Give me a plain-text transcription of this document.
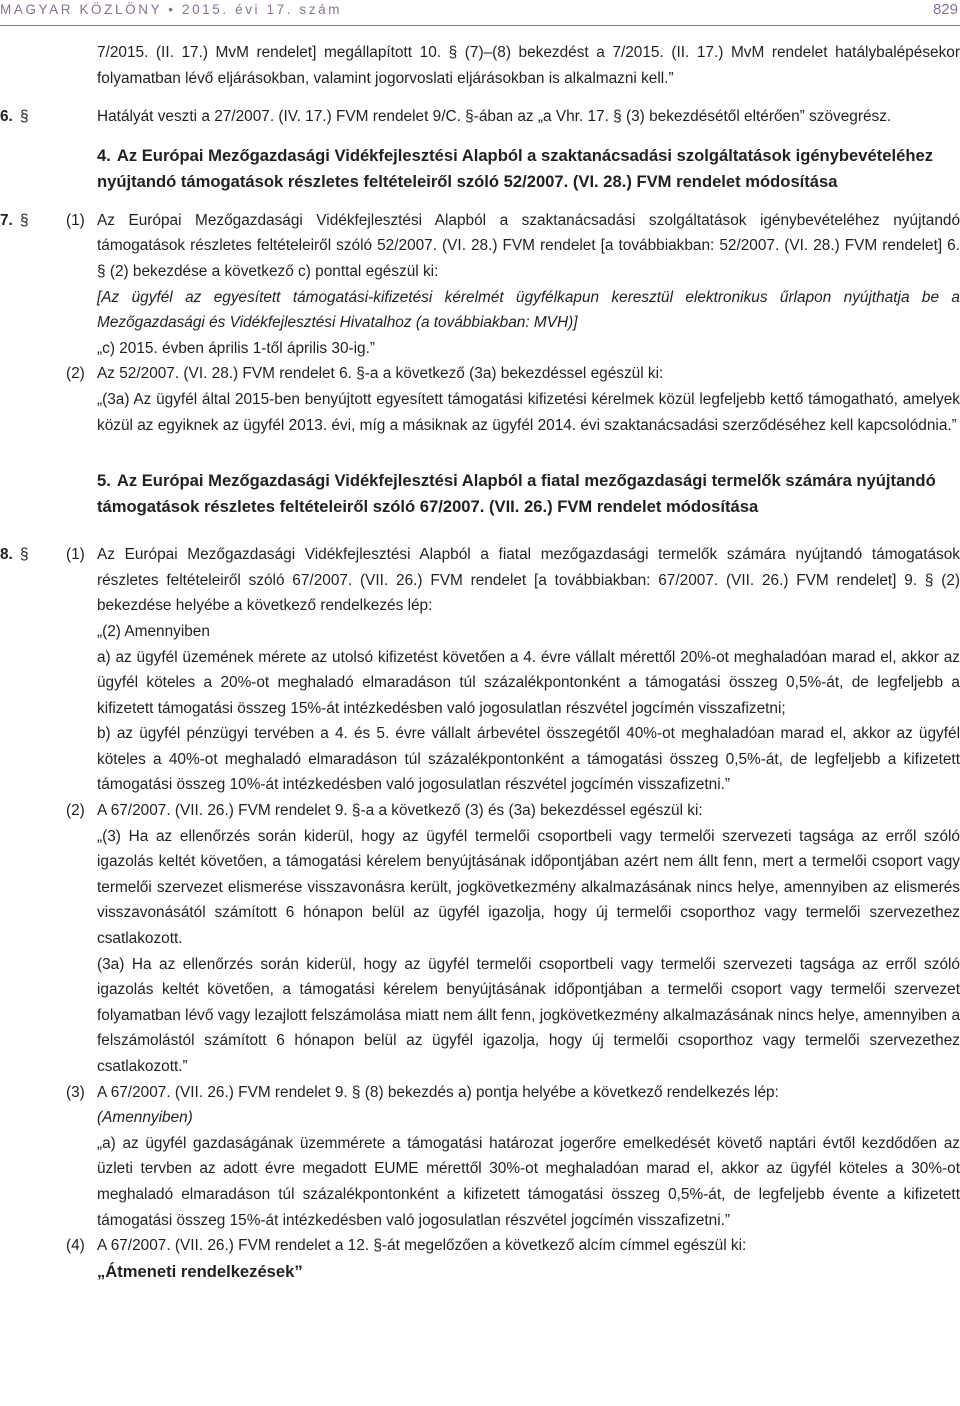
MAGYAR KÖZLÖNY • 2015. évi 17. szám	829
7/2015. (II. 17.) MvM rendelet] megállapított 10. § (7)–(8) bekezdést a 7/2015. (II. 17.) MvM rendelet hatálybalépésekor folyamatban lévő eljárásokban, valamint jogorvoslati eljárásokban is alkalmazni kell.”
6. §	Hatályát veszti a 27/2007. (IV. 17.) FVM rendelet 9/C. §-ában az „a Vhr. 17. § (3) bekezdésétől eltérően” szövegrész.
4. Az Európai Mezőgazdasági Vidékfejlesztési Alapból a szaktanácsadási szolgáltatások igénybevételéhez nyújtandó támogatások részletes feltételeiről szóló 52/2007. (VI. 28.) FVM rendelet módosítása
7. § (1) Az Európai Mezőgazdasági Vidékfejlesztési Alapból a szaktanácsadási szolgáltatások igénybevételéhez nyújtandó támogatások részletes feltételeiről szóló 52/2007. (VI. 28.) FVM rendelet [a továbbiakban: 52/2007. (VI. 28.) FVM rendelet] 6. § (2) bekezdése a következő c) ponttal egészül ki:
[Az ügyfél az egyesített támogatási-kifizetési kérelmét ügyfélkapun keresztül elektronikus űrlapon nyújthatja be a Mezőgazdasági és Vidékfejlesztési Hivatalhoz (a továbbiakban: MVH)]
„c) 2015. évben április 1-től április 30-ig.”
(2) Az 52/2007. (VI. 28.) FVM rendelet 6. §-a a következő (3a) bekezdéssel egészül ki:
„(3a) Az ügyfél által 2015-ben benyújtott egyesített támogatási kifizetési kérelmek közül legfeljebb kettő támogatható, amelyek közül az egyiknek az ügyfél 2013. évi, míg a másiknak az ügyfél 2014. évi szaktanácsadási szerződéséhez kell kapcsolódnia.”
5. Az Európai Mezőgazdasági Vidékfejlesztési Alapból a fiatal mezőgazdasági termelők számára nyújtandó támogatások részletes feltételeiről szóló 67/2007. (VII. 26.) FVM rendelet módosítása
8. § (1) Az Európai Mezőgazdasági Vidékfejlesztési Alapból a fiatal mezőgazdasági termelők számára nyújtandó támogatások részletes feltételeiről szóló 67/2007. (VII. 26.) FVM rendelet [a továbbiakban: 67/2007. (VII. 26.) FVM rendelet] 9. § (2) bekezdése helyébe a következő rendelkezés lép:
„(2) Amennyiben
a) az ügyfél üzemének mérete az utolsó kifizetést követően a 4. évre vállalt mérettől 20%-ot meghaladóan marad el, akkor az ügyfél köteles a 20%-ot meghaladó elmaradáson túl százalékpontonként a támogatási összeg 0,5%-át, de legfeljebb a kifizetett támogatási összeg 15%-át intézkedésben való jogosulatlan részvétel jogcímén visszafizetni;
b) az ügyfél pénzügyi tervében a 4. és 5. évre vállalt árbevétel összegétől 40%-ot meghaladóan marad el, akkor az ügyfél köteles a 40%-ot meghaladó elmaradáson túl százalékpontonként a támogatási összeg 0,5%-át, de legfeljebb a kifizetett támogatási összeg 10%-át intézkedésben való jogosulatlan részvétel jogcímén visszafizetni.”
(2) A 67/2007. (VII. 26.) FVM rendelet 9. §-a a következő (3) és (3a) bekezdéssel egészül ki:
„(3) Ha az ellenőrzés során kiderül, hogy az ügyfél termelői csoportbeli vagy termelői szervezeti tagsága az erről szóló igazolás keltét követően, a támogatási kérelem benyújtásának időpontjában azért nem állt fenn, mert a termelői csoport vagy termelői szervezet elismerése visszavonásra került, jogkövetkezmény alkalmazásának nincs helye, amennyiben az elismerés visszavonásától számított 6 hónapon belül az ügyfél igazolja, hogy új termelői csoporthoz vagy termelői szervezethez csatlakozott.
(3a) Ha az ellenőrzés során kiderül, hogy az ügyfél termelői csoportbeli vagy termelői szervezeti tagsága az erről szóló igazolás keltét követően, a támogatási kérelem benyújtásának időpontjában a termelői csoport vagy termelői szervezet folyamatban lévő vagy lezajlott felszámolása miatt nem állt fenn, jogkövetkezmény alkalmazásának nincs helye, amennyiben a felszámolástól számított 6 hónapon belül az ügyfél igazolja, hogy új termelői csoporthoz vagy termelői szervezethez csatlakozott.”
(3) A 67/2007. (VII. 26.) FVM rendelet 9. § (8) bekezdés a) pontja helyébe a következő rendelkezés lép:
(Amennyiben)
„a) az ügyfél gazdaságának üzemmérete a támogatási határozat jogerőre emelkedését követő naptári évtől kezdődően az üzleti tervben az adott évre megadott EUME mérettől 30%-ot meghaladóan marad el, akkor az ügyfél köteles a 30%-ot meghaladó elmaradáson túl százalékpontonként a kifizetett támogatási összeg 0,5%-át, de legfeljebb évente a kifizetett támogatási összeg 15%-át intézkedésben való jogosulatlan részvétel jogcímén visszafizetni.”
(4) A 67/2007. (VII. 26.) FVM rendelet a 12. §-át megelőzően a következő alcím címmel egészül ki:
„Átmeneti rendelkezések”
